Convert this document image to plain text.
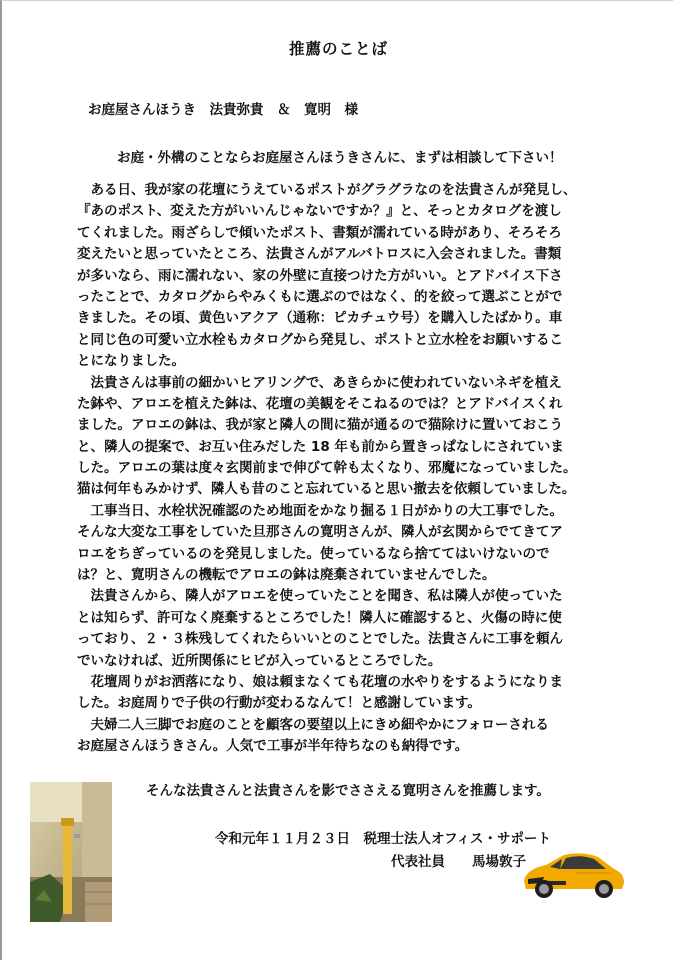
推薦のことば
お庭屋さんほうき　法貴弥貴　＆　寛明　様
お庭・外構のことならお庭屋さんほうきさんに、まずは相談して下さい！
　ある日、我が家の花壇にうえているポストがグラグラなのを法貴さんが発見し、
『あのポスト、変えた方がいいんじゃないですか？』と、そっとカタログを渡し
てくれました。雨ざらしで傾いたポスト、書類が濡れている時があり、そろそろ
変えたいと思っていたところ、法貴さんがアルバトロスに入会されました。書類
が多いなら、雨に濡れない、家の外壁に直接つけた方がいい。とアドバイス下さ
ったことで、カタログからやみくもに選ぶのではなく、的を絞って選ぶことがで
きました。その頃、黄色いアクア（通称：ピカチュウ号）を購入したばかり。車
と同じ色の可愛い立水栓もカタログから発見し、ポストと立水栓をお願いするこ
とになりました。
　法貴さんは事前の細かいヒアリングで、あきらかに使われていないネギを植え
た鉢や、アロエを植えた鉢は、花壇の美観をそこねるのでは？とアドバイスくれ
ました。アロエの鉢は、我が家と隣人の間に猫が通るので猫除けに置いておこう
と、隣人の提案で、お互い住みだした 18 年も前から置きっぱなしにされていま
した。アロエの葉は度々玄関前まで伸びて幹も太くなり、邪魔になっていました。
猫は何年もみかけず、隣人も昔のこと忘れていると思い撤去を依頼していました。
　工事当日、水栓状況確認のため地面をかなり掘る１日がかりの大工事でした。
そんな大変な工事をしていた旦那さんの寛明さんが、隣人が玄関からでてきてア
ロエをちぎっているのを発見しました。使っているなら捨ててはいけないので
は？と、寛明さんの機転でアロエの鉢は廃棄されていませんでした。
　法貴さんから、隣人がアロエを使っていたことを聞き、私は隣人が使っていた
とは知らず、許可なく廃棄するところでした！隣人に確認すると、火傷の時に使
っており、２・３株残してくれたらいいとのことでした。法貴さんに工事を頼ん
でいなければ、近所関係にヒビが入っているところでした。
　花壇周りがお洒落になり、娘は頼まなくても花壇の水やりをするようになりま
した。お庭周りで子供の行動が変わるなんて！と感謝しています。
　夫婦二人三脚でお庭のことを顧客の要望以上にきめ細やかにフォローされる
お庭屋さんほうきさん。人気で工事が半年待ちなのも納得です。
そんな法貴さんと法貴さんを影でささえる寛明さんを推薦します。
令和元年１１月２３日　税理士法人オフィス・サポート
代表社員　　馬場敦子
